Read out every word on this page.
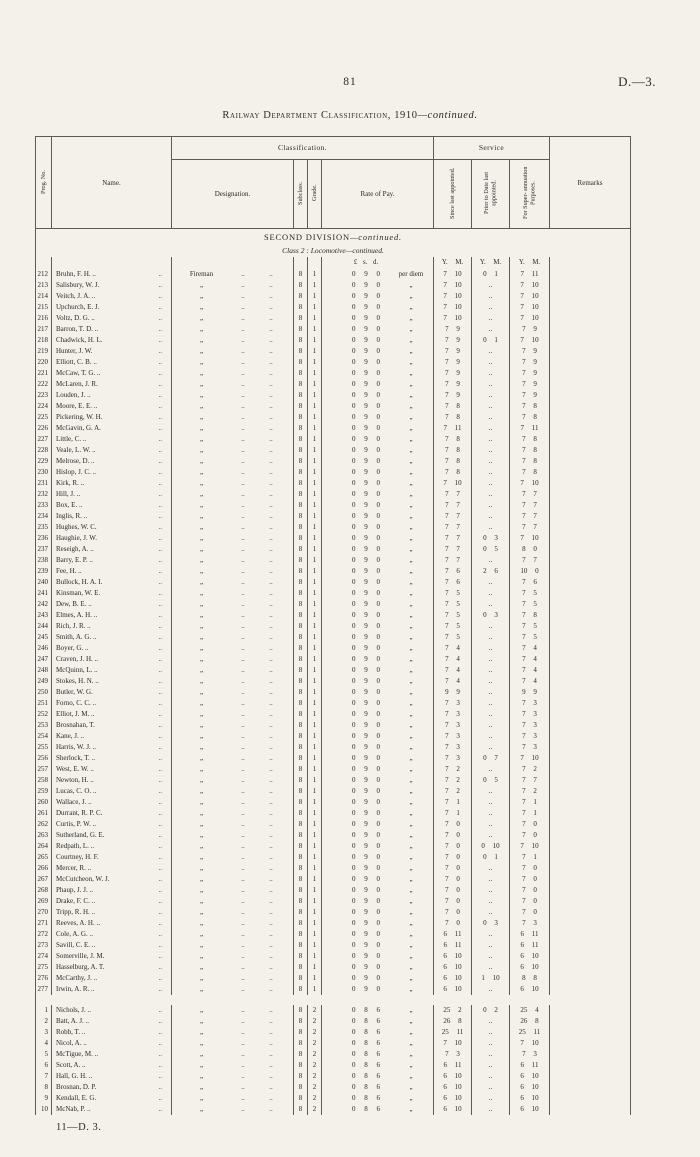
81	D.—3.
Railway Department Classification, 1910—continued.
Prog. No.	Name.	Classification.				Service			Remarks
		Designation.	Subclass.	Grade.	Rate of Pay.	Since last appointed.	Prior to Date last appointed.	For Super- annuation Purposes.	
SECOND DIVISION—continued.									
Class 2 : Locomotive—continued.									
					£ s. d.	Y. M.	Y. M.	Y. M.	
212	Bruhn, F. H. .. ..	Fireman .. ..	8	1	0 9 0 per diem	7 10	0 1	7 11	
213	Salisbury, W. J. ..	„ .. ..	8	1	0 9 0 „	7 10	..	7 10	
214	Veitch, J. A. .. ..	„ .. ..	8	1	0 9 0 „	7 10	..	7 10	
215	Upchurch, E. J. ..	„ .. ..	8	1	0 9 0 „	7 10	..	7 10	
216	Voltz, D. G. .. ..	„ .. ..	8	1	0 9 0 „	7 10	..	7 10	
217	Barron, T. D. .. ..	„ .. ..	8	1	0 9 0 „	7 9	..	7 9	
218	Chadwick, H. L. ..	„ .. ..	8	1	0 9 0 „	7 9	0 1	7 10	
219	Hunter, J. W. ..	„ .. ..	8	1	0 9 0 „	7 9	..	7 9	
220	Elliott, C. B. .. ..	„ .. ..	8	1	0 9 0 „	7 9	..	7 9	
221	McCaw, T. G. .. ..	„ .. ..	8	1	0 9 0 „	7 9	..	7 9	
222	McLaren, J. R. ..	„ .. ..	8	1	0 9 0 „	7 9	..	7 9	
223	Louden, J. .. ..	„ .. ..	8	1	0 9 0 „	7 9	..	7 9	
224	Moore, E. E. .. ..	„ .. ..	8	1	0 9 0 „	7 8	..	7 8	
225	Pickering, W. H. ..	„ .. ..	8	1	0 9 0 „	7 8	..	7 8	
226	McGavin, G. A. ..	„ .. ..	8	1	0 9 0 „	7 11	..	7 11	
227	Little, C. .. ..	„ .. ..	8	1	0 9 0 „	7 8	..	7 8	
228	Veale, L. W. .. ..	„ .. ..	8	1	0 9 0 „	7 8	..	7 8	
229	Melrose, D. .. ..	„ .. ..	8	1	0 9 0 „	7 8	..	7 8	
230	Hislop, J. C. .. ..	„ .. ..	8	1	0 9 0 „	7 8	..	7 8	
231	Kirk, R. .. ..	„ .. ..	8	1	0 9 0 „	7 10	..	7 10	
232	Hill, J. .. ..	„ .. ..	8	1	0 9 0 „	7 7	..	7 7	
233	Box, E. .. ..	„ .. ..	8	1	0 9 0 „	7 7	..	7 7	
234	Inglis, R. .. ..	„ .. ..	8	1	0 9 0 „	7 7	..	7 7	
235	Hughes, W. C. ..	„ .. ..	8	1	0 9 0 „	7 7	..	7 7	
236	Haughie, J. W. ..	„ .. ..	8	1	0 9 0 „	7 7	0 3	7 10	
237	Reseigh, A. .. ..	„ .. ..	8	1	0 9 0 „	7 7	0 5	8 0	
238	Barry, E. P. .. ..	„ .. ..	8	1	0 9 0 „	7 7	..	7 7	
239	Fee, H. .. ..	„ .. ..	8	1	0 9 0 „	7 6	2 6	10 0	
240	Bullock, H. A. I. ..	„ .. ..	8	1	0 9 0 „	7 6	..	7 6	
241	Kinsman, W. E. ..	„ .. ..	8	1	0 9 0 „	7 5	..	7 5	
242	Dew, B. E. .. ..	„ .. ..	8	1	0 9 0 „	7 5	..	7 5	
243	Elmes, A. H. .. ..	„ .. ..	8	1	0 9 0 „	7 5	0 3	7 8	
244	Rich, J. R. .. ..	„ .. ..	8	1	0 9 0 „	7 5	..	7 5	
245	Smith, A. G. .. ..	„ .. ..	8	1	0 9 0 „	7 5	..	7 5	
246	Boyer, G. .. ..	„ .. ..	8	1	0 9 0 „	7 4	..	7 4	
247	Craven, J. H. .. ..	„ .. ..	8	1	0 9 0 „	7 4	..	7 4	
248	McQuinn, L. .. ..	„ .. ..	8	1	0 9 0 „	7 4	..	7 4	
249	Stokes, H. N. .. ..	„ .. ..	8	1	0 9 0 „	7 4	..	7 4	
250	Butler, W. G. ..	„ .. ..	8	1	0 9 0 „	9 9	..	9 9	
251	Forno, C. C. .. ..	„ .. ..	8	1	0 9 0 „	7 3	..	7 3	
252	Elliot, J. M. .. ..	„ .. ..	8	1	0 9 0 „	7 3	..	7 3	
253	Brosnahan, T. ..	„ .. ..	8	1	0 9 0 „	7 3	..	7 3	
254	Kane, J. .. ..	„ .. ..	8	1	0 9 0 „	7 3	..	7 3	
255	Harris, W. J. .. ..	„ .. ..	8	1	0 9 0 „	7 3	..	7 3	
256	Sherlock, T. .. ..	„ .. ..	8	1	0 9 0 „	7 3	0 7	7 10	
257	West, E. W. .. ..	„ .. ..	8	1	0 9 0 „	7 2	..	7 2	
258	Newton, H. .. ..	„ .. ..	8	1	0 9 0 „	7 2	0 5	7 7	
259	Lucas, C. O. .. ..	„ .. ..	8	1	0 9 0 „	7 2	..	7 2	
260	Wallace, J. .. ..	„ .. ..	8	1	0 9 0 „	7 1	..	7 1	
261	Durrant, R. P. C. ..	„ .. ..	8	1	0 9 0 „	7 1	..	7 1	
262	Curtis, P. W. .. ..	„ .. ..	8	1	0 9 0 „	7 0	..	7 0	
263	Sutherland, G. E. ..	„ .. ..	8	1	0 9 0 „	7 0	..	7 0	
264	Redpath, L. .. ..	„ .. ..	8	1	0 9 0 „	7 0	0 10	7 10	
265	Courtney, H. F. ..	„ .. ..	8	1	0 9 0 „	7 0	0 1	7 1	
266	Mercer, R. .. ..	„ .. ..	8	1	0 9 0 „	7 0	..	7 0	
267	McCutcheon, W. J. ..	„ .. ..	8	1	0 9 0 „	7 0	..	7 0	
268	Phaup, J. J. .. ..	„ .. ..	8	1	0 9 0 „	7 0	..	7 0	
269	Drake, F. C. .. ..	„ .. ..	8	1	0 9 0 „	7 0	..	7 0	
270	Tripp, R. H. .. ..	„ .. ..	8	1	0 9 0 „	7 0	..	7 0	
271	Reeves, A. H. .. ..	„ .. ..	8	1	0 9 0 „	7 0	0 3	7 3	
272	Cole, A. G. .. ..	„ .. ..	8	1	0 9 0 „	6 11	..	6 11	
273	Savill, C. E. .. ..	„ .. ..	8	1	0 9 0 „	6 11	..	6 11	
274	Somerville, J. M. ..	„ .. ..	8	1	0 9 0 „	6 10	..	6 10	
275	Hasselburg, A. T. ..	„ .. ..	8	1	0 9 0 „	6 10	..	6 10	
276	McCarthy, J. .. ..	„ .. ..	8	1	0 9 0 „	6 10	1 10	8 8	
277	Irwin, A. R. .. ..	„ .. ..	8	1	0 9 0 „	6 10	..	6 10	

1	Nichols, J. .. ..	„ .. ..	8	2	0 8 6 „	25 2	0 2	25 4	
2	Batt, A. J. .. ..	„ .. ..	8	2	0 8 6 „	26 8	..	26 8	
3	Robb, T. .. ..	„ .. ..	8	2	0 8 6 „	25 11	..	25 11	
4	Nicol, A. .. ..	„ .. ..	8	2	0 8 6 „	7 10	..	7 10	
5	McTigue, M. .. ..	„ .. ..	8	2	0 8 6 „	7 3	..	7 3	
6	Scott, A. .. ..	„ .. ..	8	2	0 8 6 „	6 11	..	6 11	
7	Hall, G. H. .. ..	„ .. ..	8	2	0 8 6 „	6 10	..	6 10	
8	Brosnan, D. P. ..	„ .. ..	8	2	0 8 6 „	6 10	..	6 10	
9	Kendall, E. G. ..	„ .. ..	8	2	0 8 6 „	6 10	..	6 10	
10	McNab, P. .. ..	„ .. ..	8	2	0 8 6 „	6 10	..	6 10	
11—D. 3.
